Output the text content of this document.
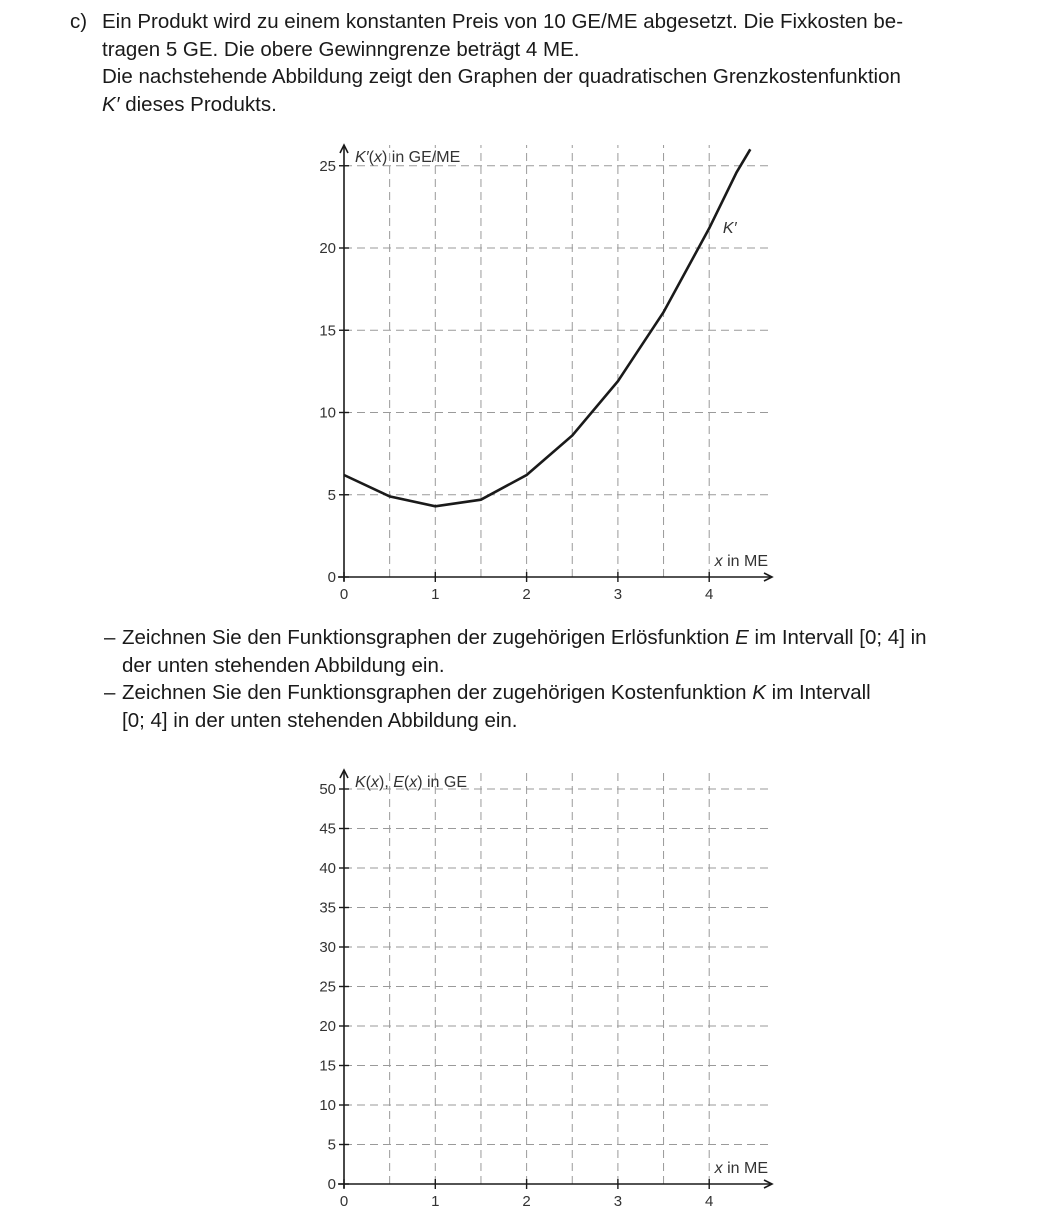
c) Ein Produkt wird zu einem konstanten Preis von 10 GE/ME abgesetzt. Die Fixkosten be-

tragen 5 GE. Die obere Gewinngrenze beträgt 4 ME.

Die nachstehende Abbildung zeigt den Graphen der quadratischen Grenzkostenfunktion

K′ dieses Produkts.

0
5
10
15
20
25
0	1	2	3	4
x in ME
K′(x) in GE/ME
K′
– Zeichnen Sie den Funktionsgraphen der zugehörigen Erlösfunktion E im Intervall [0; 4] in
der unten stehenden Abbildung ein.
– Zeichnen Sie den Funktionsgraphen der zugehörigen Kostenfunktion K im Intervall
[0; 4] in der unten stehenden Abbildung ein.
0
5
10
15
20
25
30
35
40
45
50
0	1	2	3	4
x in ME
K(x), E(x) in GE
